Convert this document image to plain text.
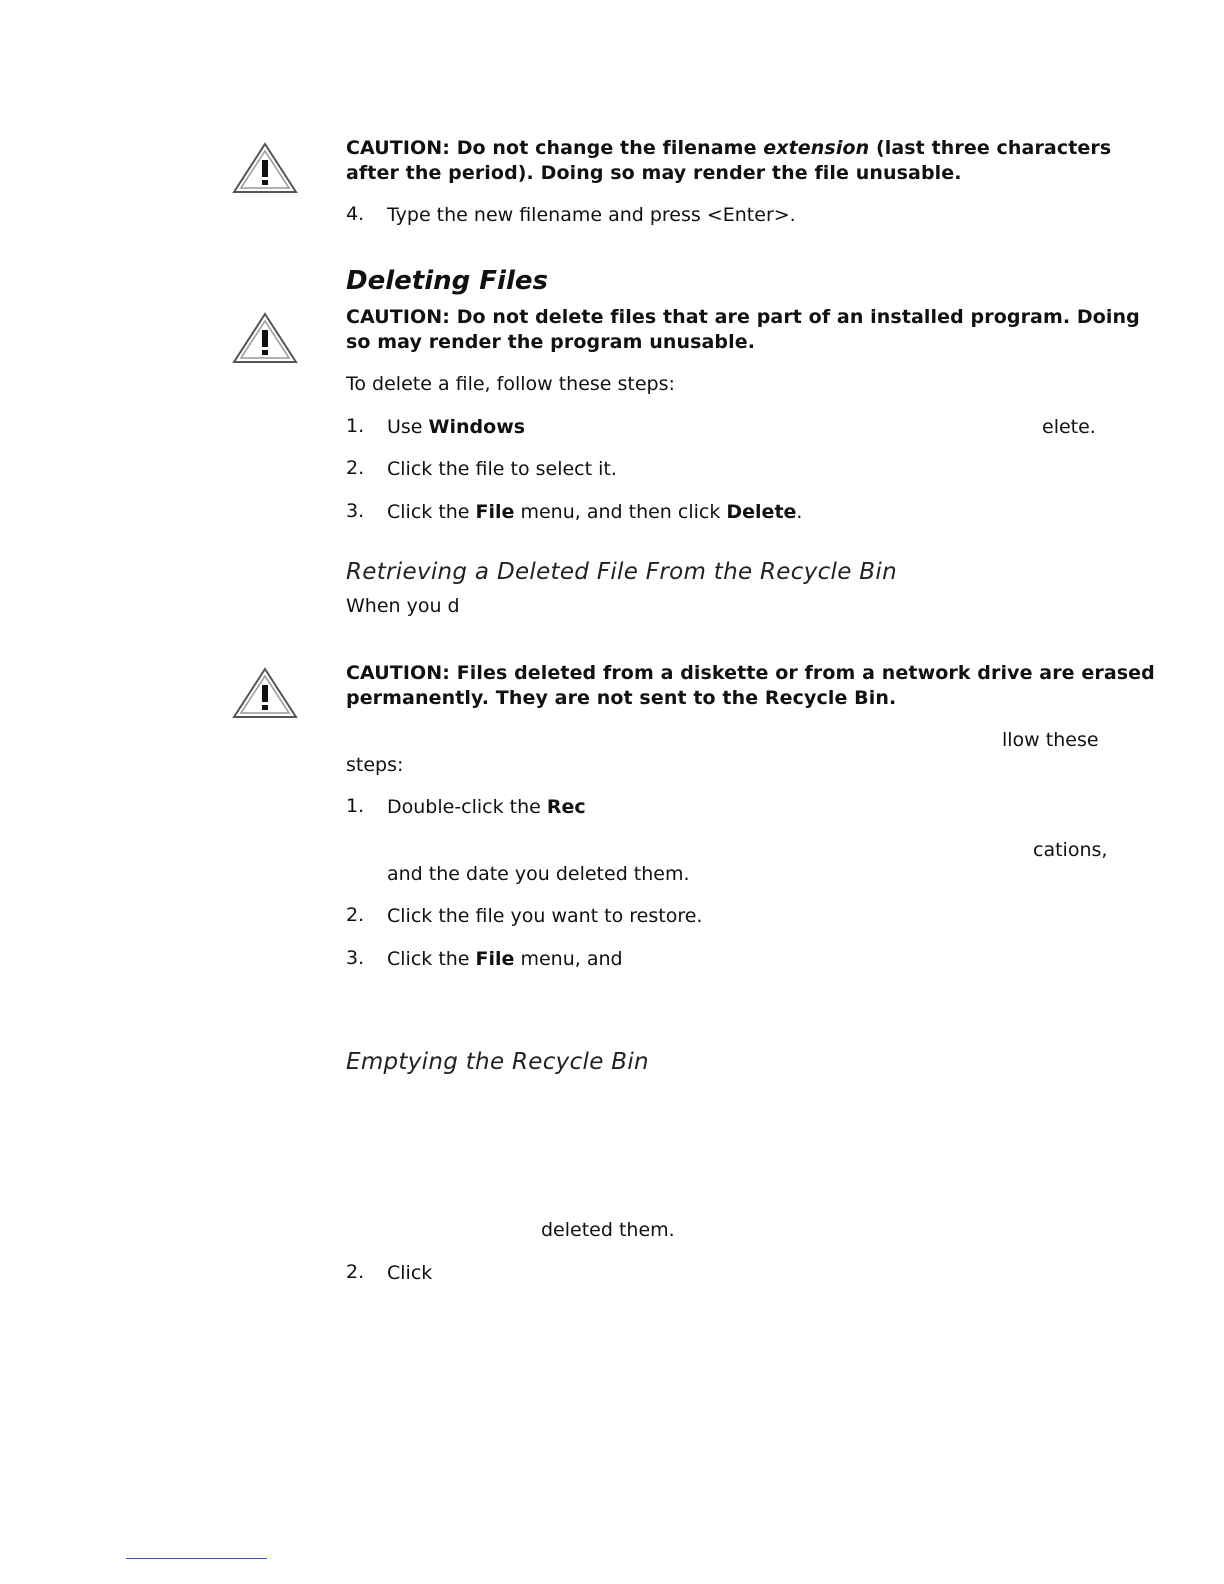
CAUTION: Do not change the filename extension (last three characters
after the period). Doing so may render the file unusable.
4. Type the new filename and press <Enter>.
Deleting Files
CAUTION: Do not delete files that are part of an installed program. Doing
so may render the program unusable.
To delete a file, follow these steps:
1. Use Windows	elete.
2. Click the file to select it.
3. Click the File menu, and then click Delete.
Retrieving a Deleted File From the Recycle Bin
When you d
CAUTION: Files deleted from a diskette or from a network drive are erased
permanently. They are not sent to the Recycle Bin.
llow these
steps:
1. Double-click the Rec
cations,
and the date you deleted them.
2. Click the file you want to restore.
3. Click the File menu, and
Emptying the Recycle Bin
deleted them.
2. Click
